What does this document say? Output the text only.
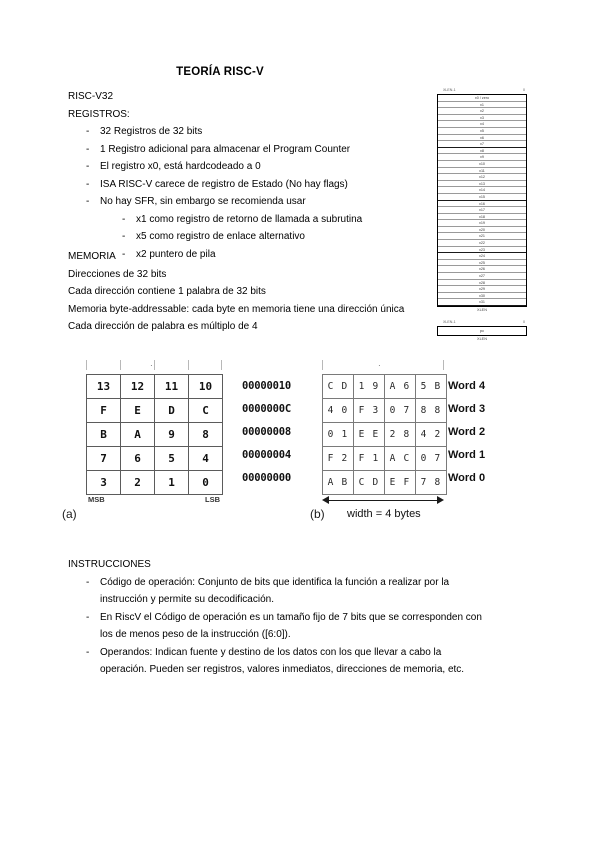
TEORÍA RISC-V
RISC-V32
REGISTROS:
- 32 Registros de 32 bits
- 1 Registro adicional para almacenar el Program Counter
- El registro x0, está hardcodeado a 0
- ISA RISC-V carece de registro de Estado (No hay flags)
- No hay SFR, sin embargo se recomienda usar
- x1 como registro de retorno de llamada a subrutina
- x5 como registro de enlace alternativo
- x2 puntero de pila
MEMORIA
Direcciones de 32 bits
Cada dirección contiene 1 palabra de 32 bits
Memoria byte-addressable: cada byte en memoria tiene una dirección única
Cada dirección de palabra es múltiplo de 4
XLEN-1	0
x0 / zero
x1
x2
x3
x4
x5
x6
x7
x8
x9
x10
x11
x12
x13
x14
x15
x16
x17
x18
x19
x20
x21
x22
x23
x24
x25
x26
x27
x28
x29
x30
x31
XLEN
XLEN-1	0
pc
XLEN
·
13	12	11	10
F	E	D	C
B	A	9	8
7	6	5	4
3	2	1	0
MSB	LSB
(a)
00000010
0000000C
00000008
00000004
00000000
·
C D	1 9	A 6	5 B
4 0	F 3	0 7	8 8
0 1	E E	2 8	4 2
F 2	F 1	A C	0 7
A B	C D	E F	7 8
Word 4
Word 3
Word 2
Word 1
Word 0
(b) width = 4 bytes
INSTRUCCIONES
- Código de operación: Conjunto de bits que identifica la función a realizar por la instrucción y permite su decodificación.
- En RiscV el Código de operación es un tamaño fijo de 7 bits que se corresponden con los de menos peso de la instrucción ([6:0]).
- Operandos: Indican fuente y destino de los datos con los que llevar a cabo la operación. Pueden ser registros, valores inmediatos, direcciones de memoria, etc.
